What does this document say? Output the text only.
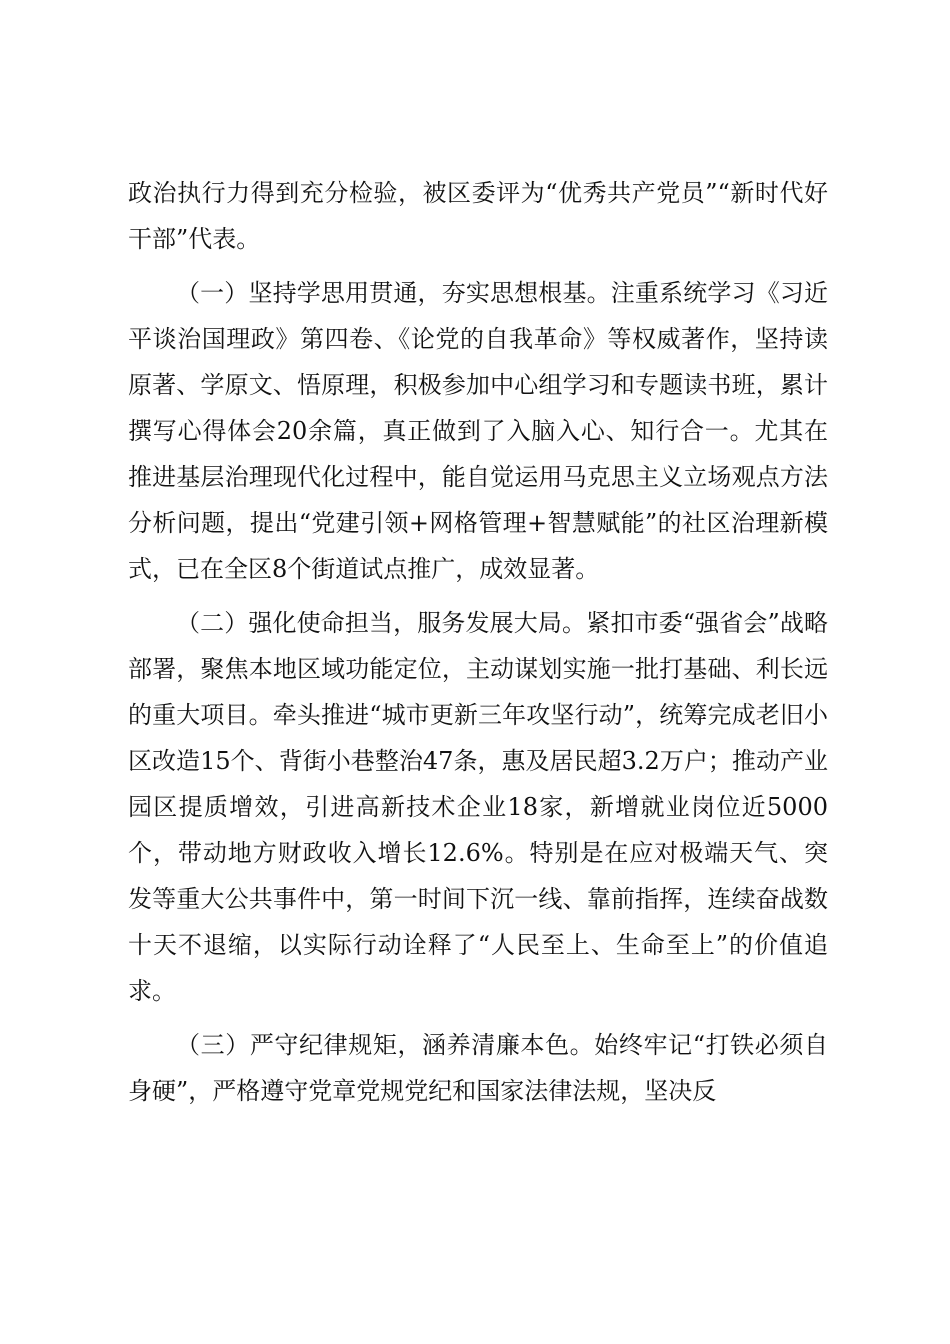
政治执行力得到充分检验，被区委评为“优秀共产党员”“新时代好干部”代表。

（一）坚持学思用贯通，夯实思想根基。注重系统学习《习近平谈治国理政》第四卷、《论党的自我革命》等权威著作，坚持读原著、学原文、悟原理，积极参加中心组学习和专题读书班，累计撰写心得体会20余篇，真正做到了入脑入心、知行合一。尤其在推进基层治理现代化过程中，能自觉运用马克思主义立场观点方法分析问题，提出“党建引领+网格管理+智慧赋能”的社区治理新模式，已在全区8个街道试点推广，成效显著。

（二）强化使命担当，服务发展大局。紧扣市委“强省会”战略部署，聚焦本地区域功能定位，主动谋划实施一批打基础、利长远的重大项目。牵头推进“城市更新三年攻坚行动”，统筹完成老旧小区改造15个、背街小巷整治47条，惠及居民超3.2万户；推动产业园区提质增效，引进高新技术企业18家，新增就业岗位近5000个，带动地方财政收入增长12.6%。特别是在应对极端天气、突发等重大公共事件中，第一时间下沉一线、靠前指挥，连续奋战数十天不退缩，以实际行动诠释了“人民至上、生命至上”的价值追求。

（三）严守纪律规矩，涵养清廉本色。始终牢记“打铁必须自身硬”，严格遵守党章党规党纪和国家法律法规，坚决反
